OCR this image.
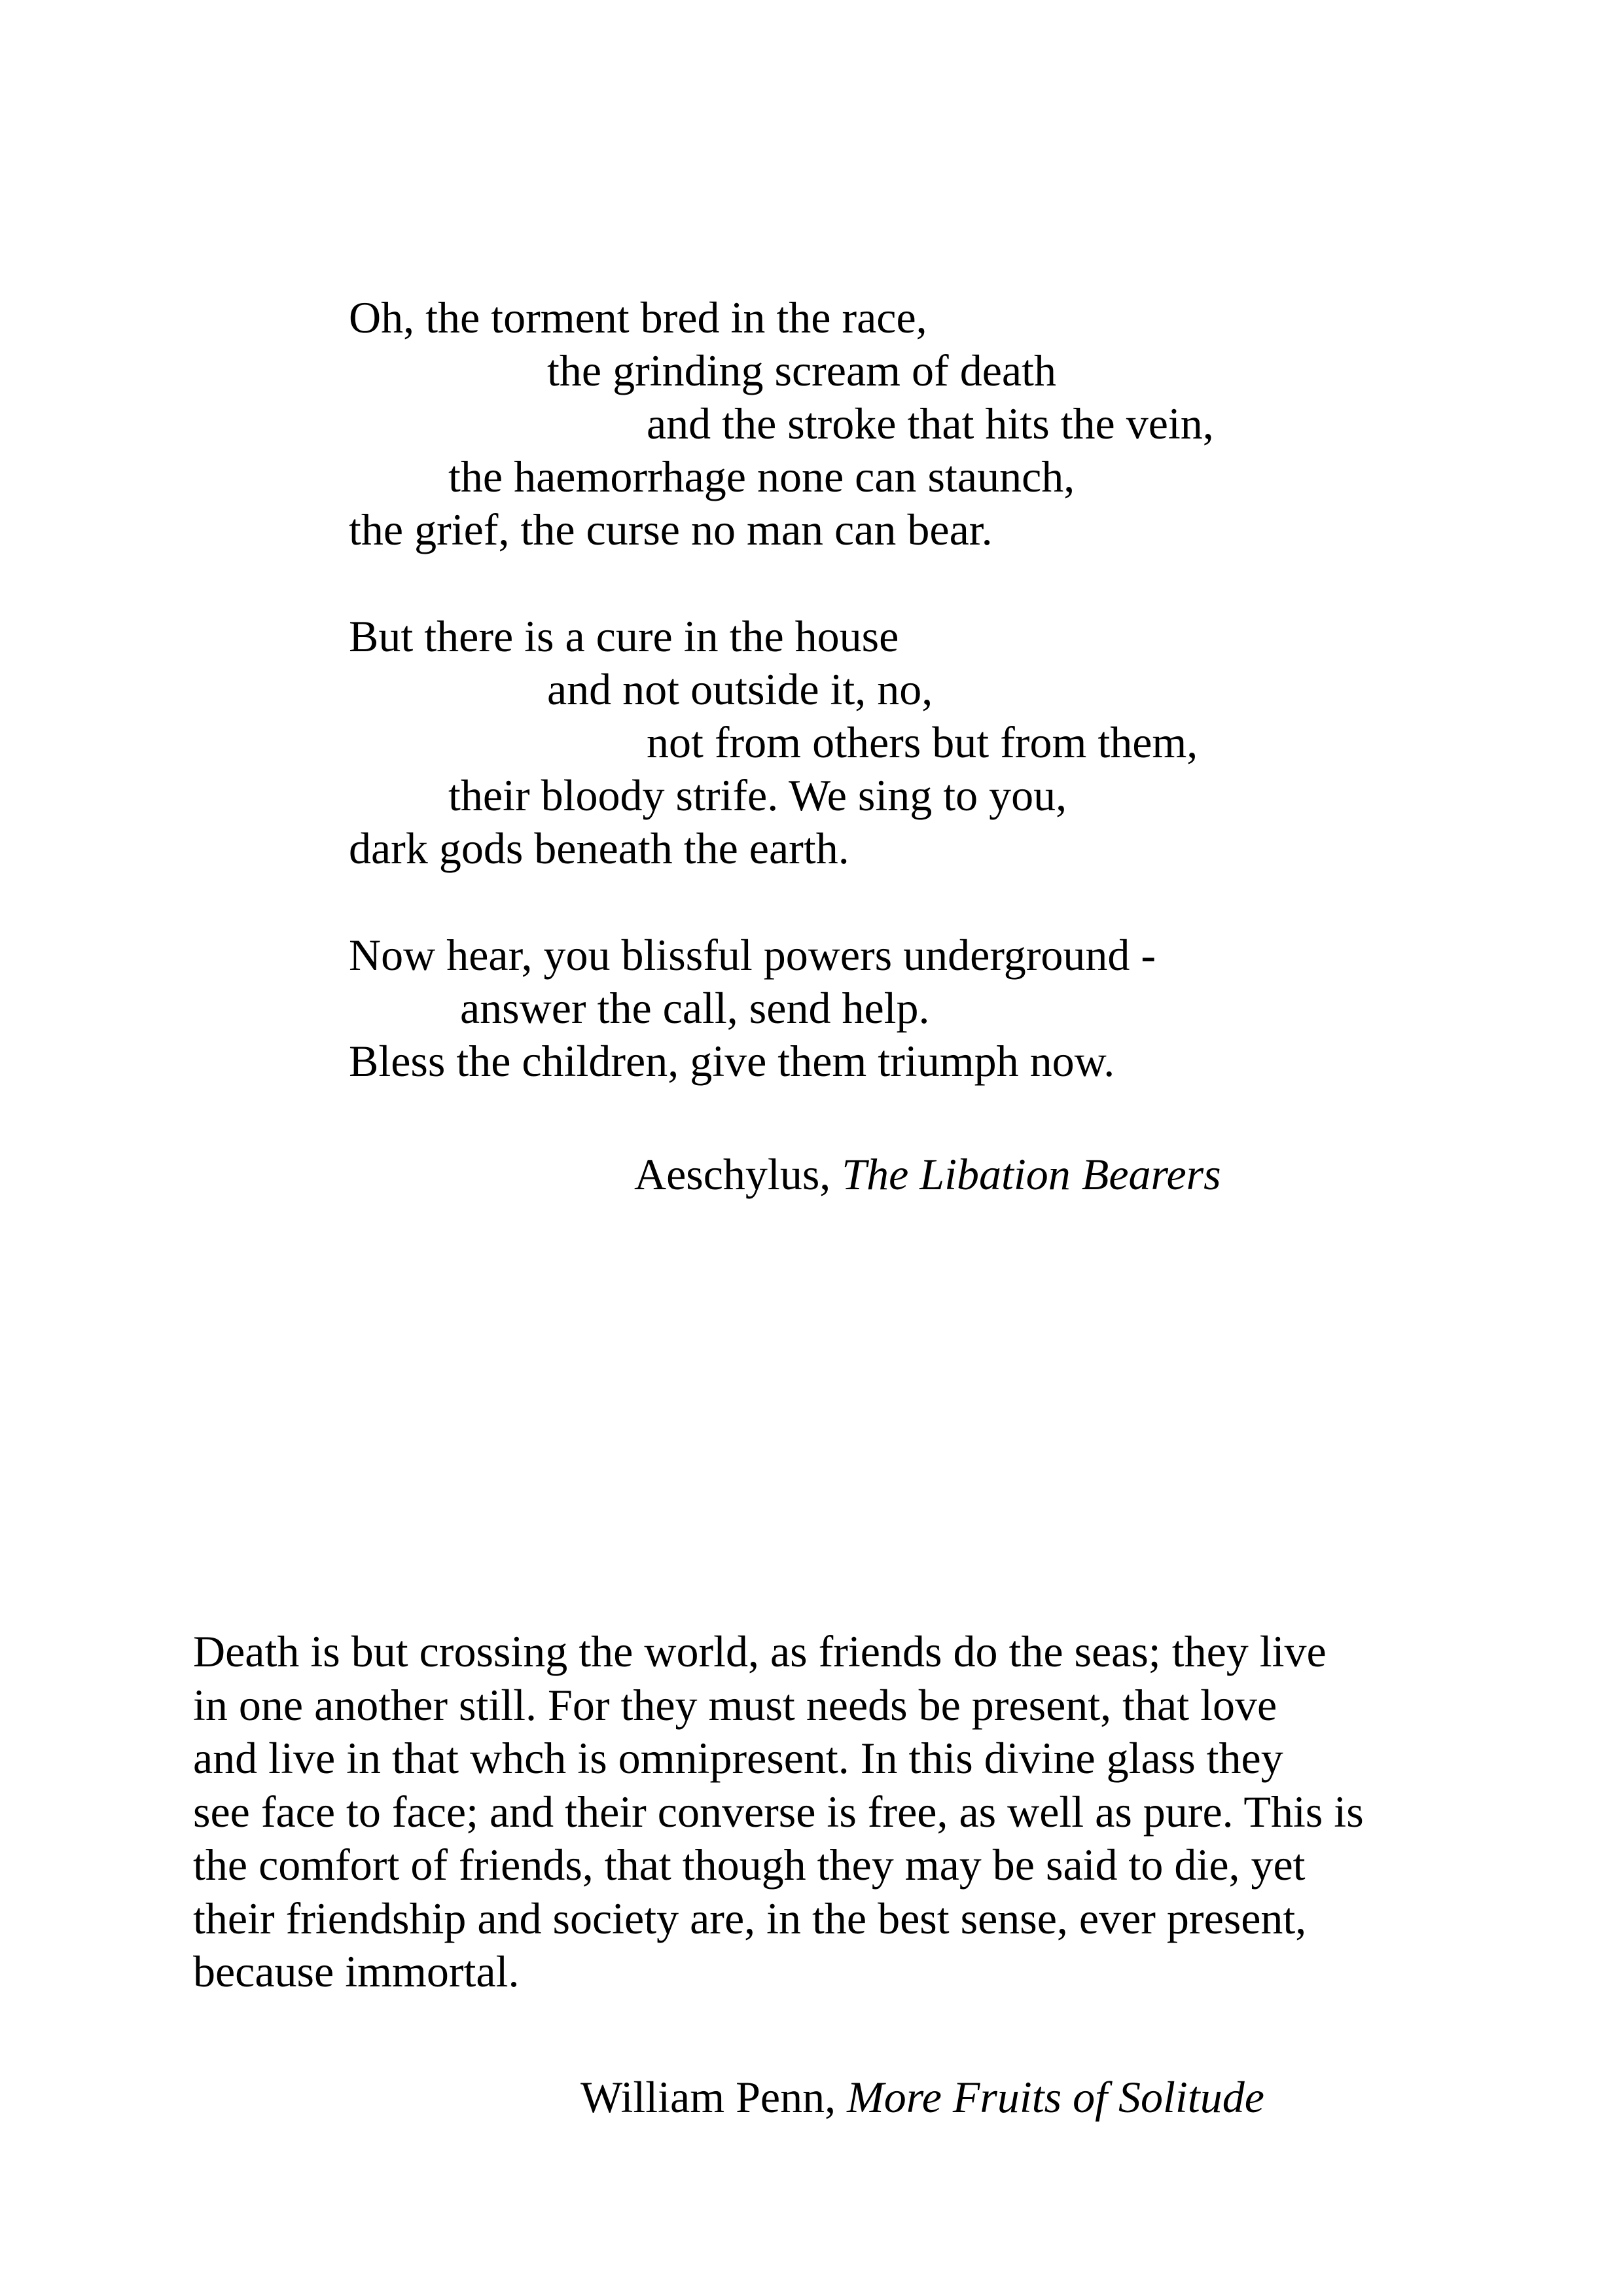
Oh, the torment bred in the race,
the grinding scream of death
and the stroke that hits the vein,
the haemorrhage none can staunch,
the grief, the curse no man can bear.
But there is a cure in the house
and not outside it, no,
not from others but from them,
their bloody strife. We sing to you,
dark gods beneath the earth.
Now hear, you blissful powers underground -
answer the call, send help.
Bless the children, give them triumph now.
Aeschylus, The Libation Bearers
Death is but crossing the world, as friends do the seas; they live
in one another still. For they must needs be present, that love
and live in that whch is omnipresent. In this divine glass they
see face to face; and their converse is free, as well as pure. This is
the comfort of friends, that though they may be said to die, yet
their friendship and society are, in the best sense, ever present,
because immortal.
William Penn, More Fruits of Solitude
